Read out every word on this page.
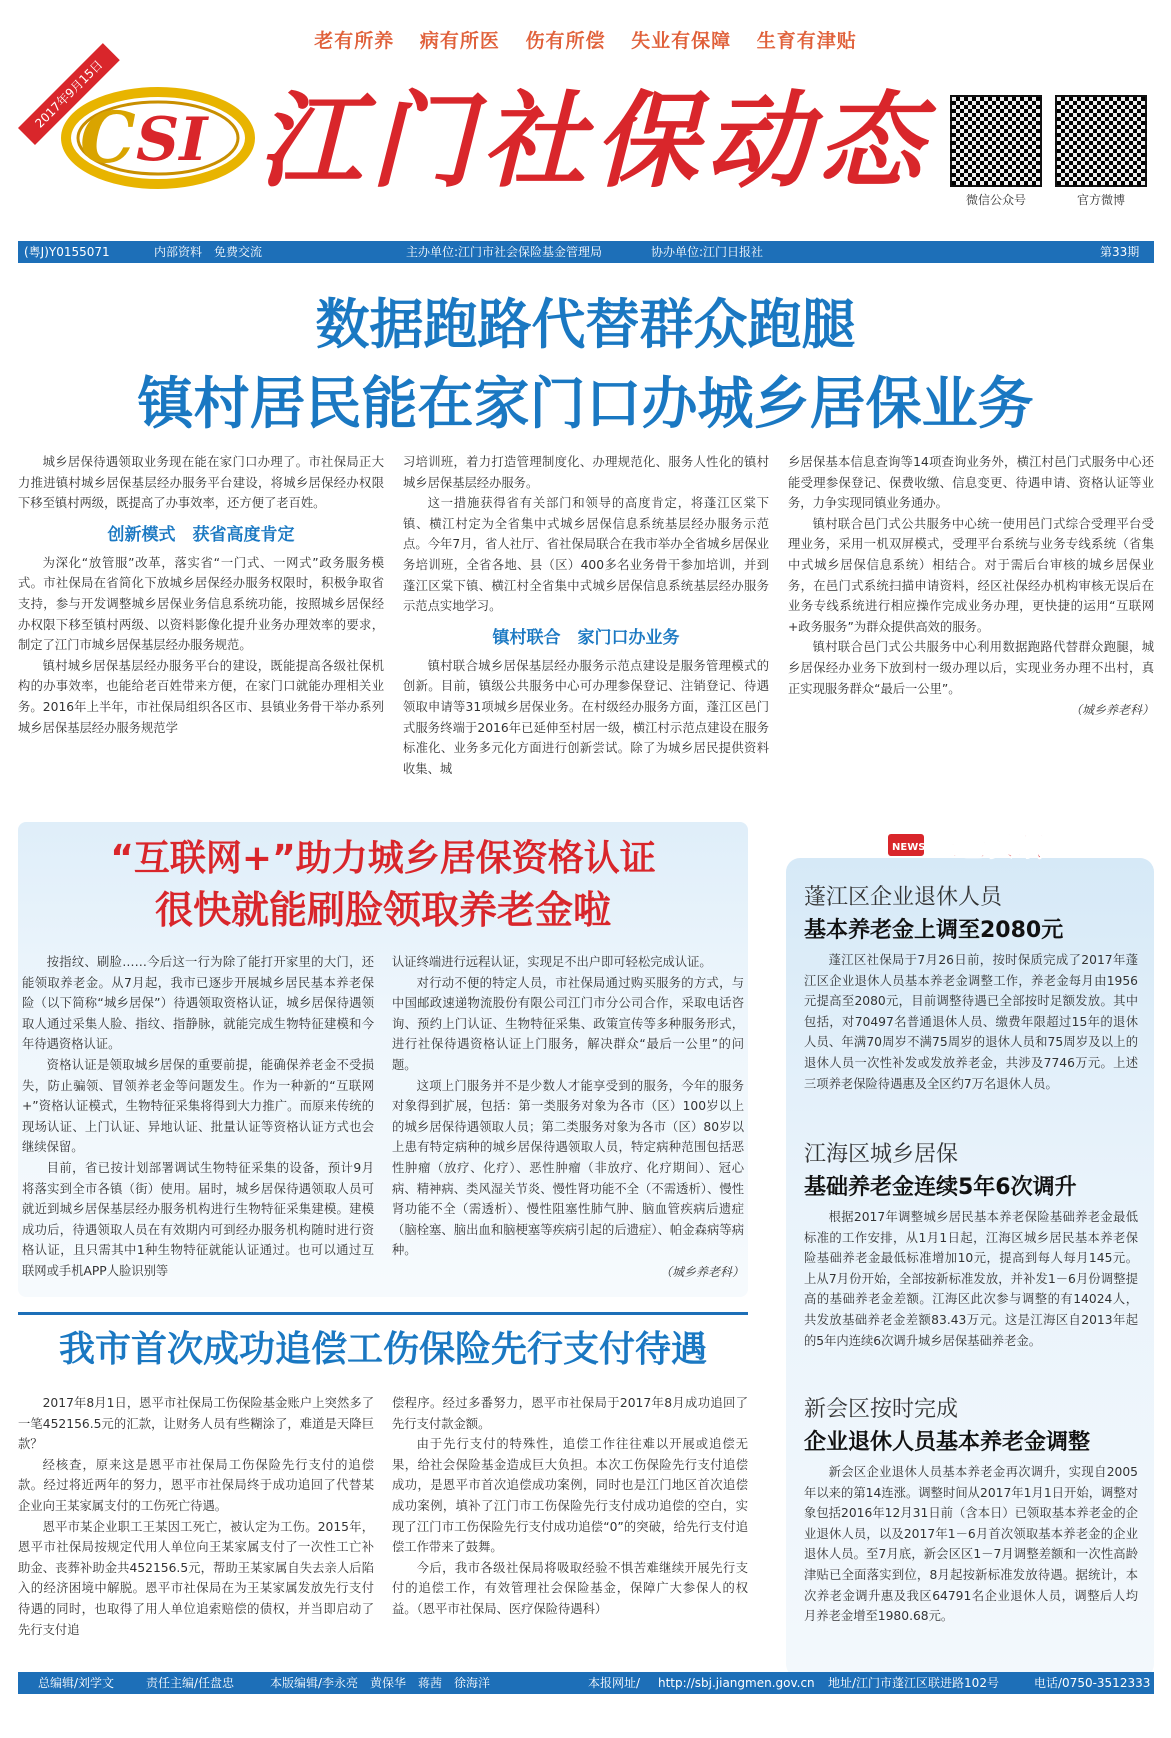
老有所养 病有所医 伤有所偿 失业有保障 生育有津贴
2017年9月15日
C SI 江门社保动态	微信公众号	官方微博
(粤J)Y0155071	内部资料　免费交流	主办单位:江门市社会保险基金管理局	协办单位:江门日报社	第33期
数据跑路代替群众跑腿
镇村居民能在家门口办城乡居保业务

城乡居保待遇领取业务现在能在家门口办理了。市社保局正大力推进镇村城乡居保基层经办服务平台建设，将城乡居保经办权限下移至镇村两级，既提高了办事效率，还方便了老百姓。

创新模式　获省高度肯定

为深化“放管服”改革，落实省“一门式、一网式”政务服务模式。市社保局在省简化下放城乡居保经办服务权限时，积极争取省支持，参与开发调整城乡居保业务信息系统功能，按照城乡居保经办权限下移至镇村两级、以资料影像化提升业务办理效率的要求，制定了江门市城乡居保基层经办服务规范。

镇村城乡居保基层经办服务平台的建设，既能提高各级社保机构的办事效率，也能给老百姓带来方便，在家门口就能办理相关业务。2016年上半年，市社保局组织各区市、县镇业务骨干举办系列城乡居保基层经办服务规范学

习培训班，着力打造管理制度化、办理规范化、服务人性化的镇村城乡居保基层经办服务。

这一措施获得省有关部门和领导的高度肯定，将蓬江区棠下镇、横江村定为全省集中式城乡居保信息系统基层经办服务示范点。今年7月，省人社厅、省社保局联合在我市举办全省城乡居保业务培训班，全省各地、县（区）400多名业务骨干参加培训，并到蓬江区棠下镇、横江村全省集中式城乡居保信息系统基层经办服务示范点实地学习。

镇村联合　家门口办业务

镇村联合城乡居保基层经办服务示范点建设是服务管理模式的创新。目前，镇级公共服务中心可办理参保登记、注销登记、待遇领取申请等31项城乡居保业务。在村级经办服务方面，蓬江区邑门式服务终端于2016年已延伸至村居一级，横江村示范点建设在服务标准化、业务多元化方面进行创新尝试。除了为城乡居民提供资料收集、城

乡居保基本信息查询等14项查询业务外，横江村邑门式服务中心还能受理参保登记、保费收缴、信息变更、待遇申请、资格认证等业务，力争实现同镇业务通办。

镇村联合邑门式公共服务中心统一使用邑门式综合受理平台受理业务，采用一机双屏模式，受理平台系统与业务专线系统（省集中式城乡居保信息系统）相结合。对于需后台审核的城乡居保业务，在邑门式系统扫描申请资料，经区社保经办机构审核无误后在业务专线系统进行相应操作完成业务办理，更快捷的运用“互联网+政务服务”为群众提供高效的服务。

镇村联合邑门式公共服务中心利用数据跑路代替群众跑腿，城乡居保经办业务下放到村一级办理以后，实现业务办理不出村，真正实现服务群众“最后一公里”。

（城乡养老科）
“互联网+”助力城乡居保资格认证
很快就能刷脸领取养老金啦

按指纹、刷脸……今后这一行为除了能打开家里的大门，还能领取养老金。从7月起，我市已逐步开展城乡居民基本养老保险（以下简称“城乡居保”）待遇领取资格认证，城乡居保待遇领取人通过采集人脸、指纹、指静脉，就能完成生物特征建模和今年待遇资格认证。

资格认证是领取城乡居保的重要前提，能确保养老金不受损失，防止骗领、冒领养老金等问题发生。作为一种新的“互联网+”资格认证模式，生物特征采集将得到大力推广。而原来传统的现场认证、上门认证、异地认证、批量认证等资格认证方式也会继续保留。

目前，省已按计划部署调试生物特征采集的设备，预计9月将落实到全市各镇（街）使用。届时，城乡居保待遇领取人员可就近到城乡居保基层经办服务机构进行生物特征采集建模。建模成功后，待遇领取人员在有效期内可到经办服务机构随时进行资格认证，且只需其中1种生物特征就能认证通过。也可以通过互联网或手机APP人脸识别等

认证终端进行远程认证，实现足不出户即可轻松完成认证。

对行动不便的特定人员，市社保局通过购买服务的方式，与中国邮政速递物流股份有限公司江门市分公司合作，采取电话咨询、预约上门认证、生物特征采集、政策宣传等多种服务形式，进行社保待遇资格认证上门服务，解决群众“最后一公里”的问题。

这项上门服务并不是少数人才能享受到的服务，今年的服务对象得到扩展，包括：第一类服务对象为各市（区）100岁以上的城乡居保待遇领取人员；第二类服务对象为各市（区）80岁以上患有特定病种的城乡居保待遇领取人员，特定病种范围包括恶性肿瘤（放疗、化疗）、恶性肿瘤（非放疗、化疗期间）、冠心病、精神病、类风湿关节炎、慢性肾功能不全（不需透析）、慢性肾功能不全（需透析）、慢性阻塞性肺气肿、脑血管疾病后遗症（脑栓塞、脑出血和脑梗塞等疾病引起的后遗症）、帕金森病等病种。

（城乡养老科）
我市首次成功追偿工伤保险先行支付待遇

2017年8月1日，恩平市社保局工伤保险基金账户上突然多了一笔452156.5元的汇款，让财务人员有些糊涂了，难道是天降巨款？

经核查，原来这是恩平市社保局工伤保险先行支付的追偿款。经过将近两年的努力，恩平市社保局终于成功追回了代替某企业向王某家属支付的工伤死亡待遇。

恩平市某企业职工王某因工死亡，被认定为工伤。2015年，恩平市社保局按规定代用人单位向王某家属支付了一次性工亡补助金、丧葬补助金共452156.5元，帮助王某家属自失去亲人后陷入的经济困境中解脱。恩平市社保局在为王某家属发放先行支付待遇的同时，也取得了用人单位追索赔偿的债权，并当即启动了先行支付追

偿程序。经过多番努力，恩平市社保局于2017年8月成功追回了先行支付款金额。

由于先行支付的特殊性，追偿工作往往难以开展或追偿无果，给社会保险基金造成巨大负担。本次工伤保险先行支付追偿成功，是恩平市首次追偿成功案例，同时也是江门地区首次追偿成功案例，填补了江门市工伤保险先行支付成功追偿的空白，实现了江门市工伤保险先行支付成功追偿“0”的突破，给先行支付追偿工作带来了鼓舞。

今后，我市各级社保局将吸取经验不惧苦难继续开展先行支付的追偿工作，有效管理社会保险基金，保障广大参保人的权益。（恩平市社保局、医疗保险待遇科）

NEWS 五邑快讯
蓬江区企业退休人员
基本养老金上调至2080元

蓬江区社保局于7月26日前，按时保质完成了2017年蓬江区企业退休人员基本养老金调整工作，养老金每月由1956元提高至2080元，目前调整待遇已全部按时足额发放。其中包括，对70497名普通退休人员、缴费年限超过15年的退休人员、年满70周岁不满75周岁的退休人员和75周岁及以上的退休人员一次性补发或发放养老金，共涉及7746万元。上述三项养老保险待遇惠及全区约7万名退休人员。

江海区城乡居保
基础养老金连续5年6次调升

根据2017年调整城乡居民基本养老保险基础养老金最低标准的工作安排，从1月1日起，江海区城乡居民基本养老保险基础养老金最低标准增加10元，提高到每人每月145元。上从7月份开始，全部按新标准发放，并补发1－6月份调整提高的基础养老金差额。江海区此次参与调整的有14024人，共发放基础养老金差额83.43万元。这是江海区自2013年起的5年内连续6次调升城乡居保基础养老金。

新会区按时完成
企业退休人员基本养老金调整

新会区企业退休人员基本养老金再次调升，实现自2005年以来的第14连涨。调整时间从2017年1月1日开始，调整对象包括2016年12月31日前（含本日）已领取基本养老金的企业退休人员，以及2017年1－6月首次领取基本养老金的企业退休人员。至7月底，新会区区1－7月调整差额和一次性高龄津贴已全面落实到位，8月起按新标准发放待遇。据统计，本次养老金调升惠及我区64791名企业退休人员，调整后人均月养老金增至1980.68元。

总编辑/刘学文	责任主编/任盘忠	本版编辑/李永亮　黄保华　蒋茜　徐海洋	本报网址/ http://sbj.jiangmen.gov.cn 地址/江门市蓬江区联进路102号	电话/0750-3512333
